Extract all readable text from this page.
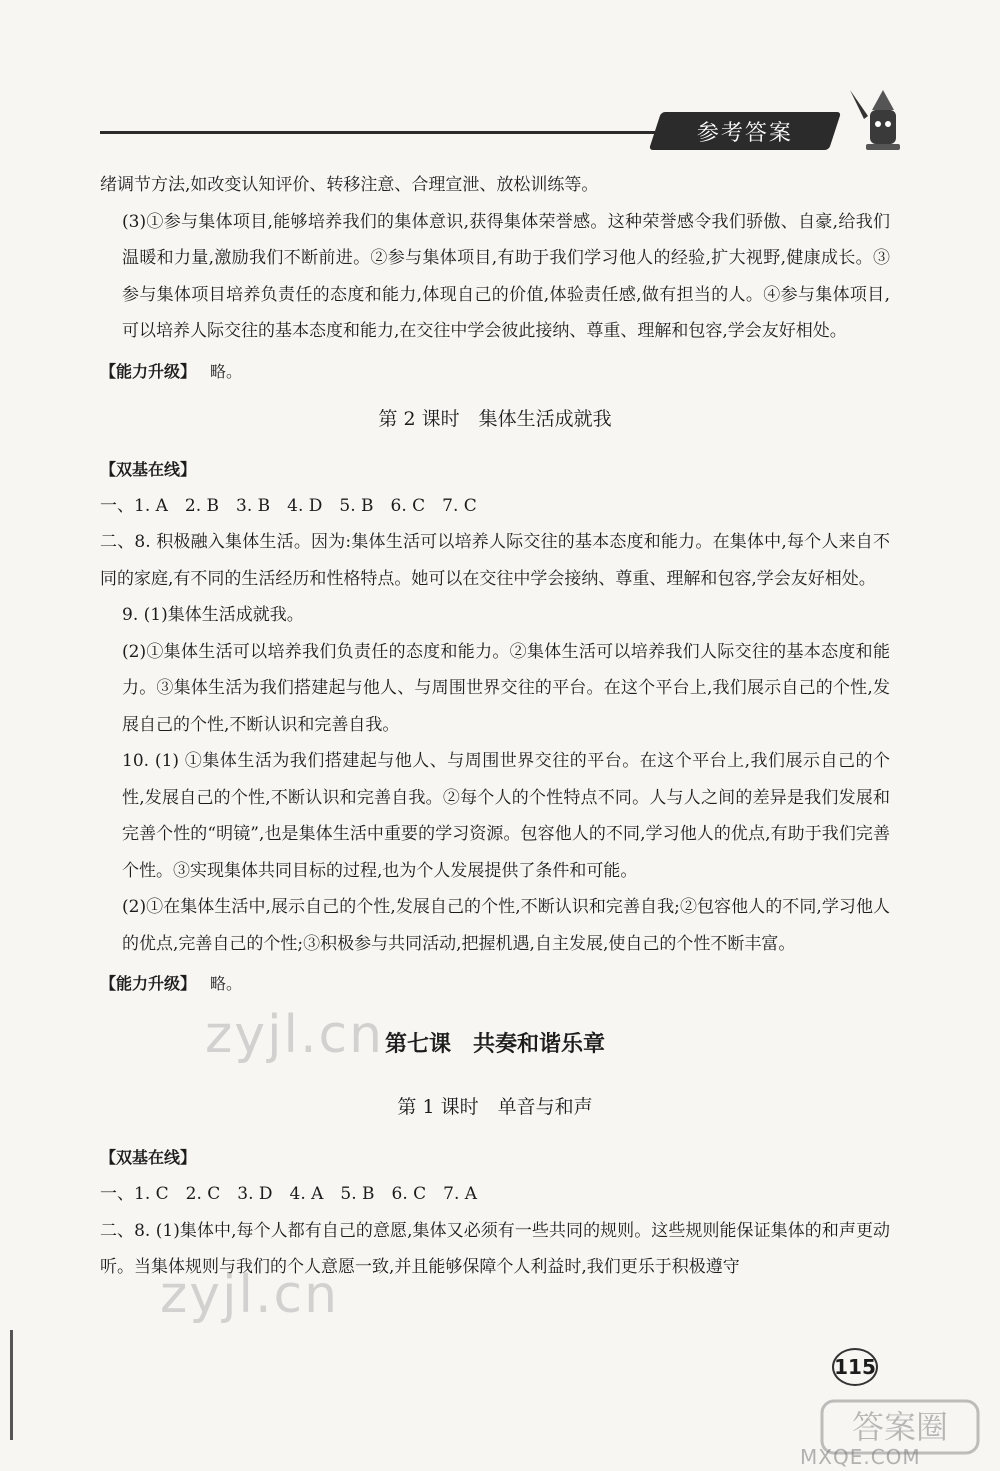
参考答案

绪调节方法,如改变认知评价、转移注意、合理宣泄、放松训练等。

(3)①参与集体项目,能够培养我们的集体意识,获得集体荣誉感。这种荣誉感令我们骄傲、自豪,给我们温暖和力量,激励我们不断前进。②参与集体项目,有助于我们学习他人的经验,扩大视野,健康成长。③参与集体项目培养负责任的态度和能力,体现自己的价值,体验责任感,做有担当的人。④参与集体项目,可以培养人际交往的基本态度和能力,在交往中学会彼此接纳、尊重、理解和包容,学会友好相处。

【能力升级】 略。

第 2 课时　集体生活成就我

【双基在线】

一、1. A　2. B　3. B　4. D　5. B　6. C　7. C

二、8. 积极融入集体生活。因为:集体生活可以培养人际交往的基本态度和能力。在集体中,每个人来自不同的家庭,有不同的生活经历和性格特点。她可以在交往中学会接纳、尊重、理解和包容,学会友好相处。

9. (1)集体生活成就我。

(2)①集体生活可以培养我们负责任的态度和能力。②集体生活可以培养我们人际交往的基本态度和能力。③集体生活为我们搭建起与他人、与周围世界交往的平台。在这个平台上,我们展示自己的个性,发展自己的个性,不断认识和完善自我。

10. (1) ①集体生活为我们搭建起与他人、与周围世界交往的平台。在这个平台上,我们展示自己的个性,发展自己的个性,不断认识和完善自我。②每个人的个性特点不同。人与人之间的差异是我们发展和完善个性的“明镜”,也是集体生活中重要的学习资源。包容他人的不同,学习他人的优点,有助于我们完善个性。③实现集体共同目标的过程,也为个人发展提供了条件和可能。

(2)①在集体生活中,展示自己的个性,发展自己的个性,不断认识和完善自我;②包容他人的不同,学习他人的优点,完善自己的个性;③积极参与共同活动,把握机遇,自主发展,使自己的个性不断丰富。

【能力升级】 略。

第七课　共奏和谐乐章

第 1 课时　单音与和声

【双基在线】

一、1. C　2. C　3. D　4. A　5. B　6. C　7. A

二、8. (1)集体中,每个人都有自己的意愿,集体又必须有一些共同的规则。这些规则能保证集体的和声更动听。当集体规则与我们的个人意愿一致,并且能够保障个人利益时,我们更乐于积极遵守

115
zyjl.cn
zyjl.cn
答案圈
MXQE.COM
